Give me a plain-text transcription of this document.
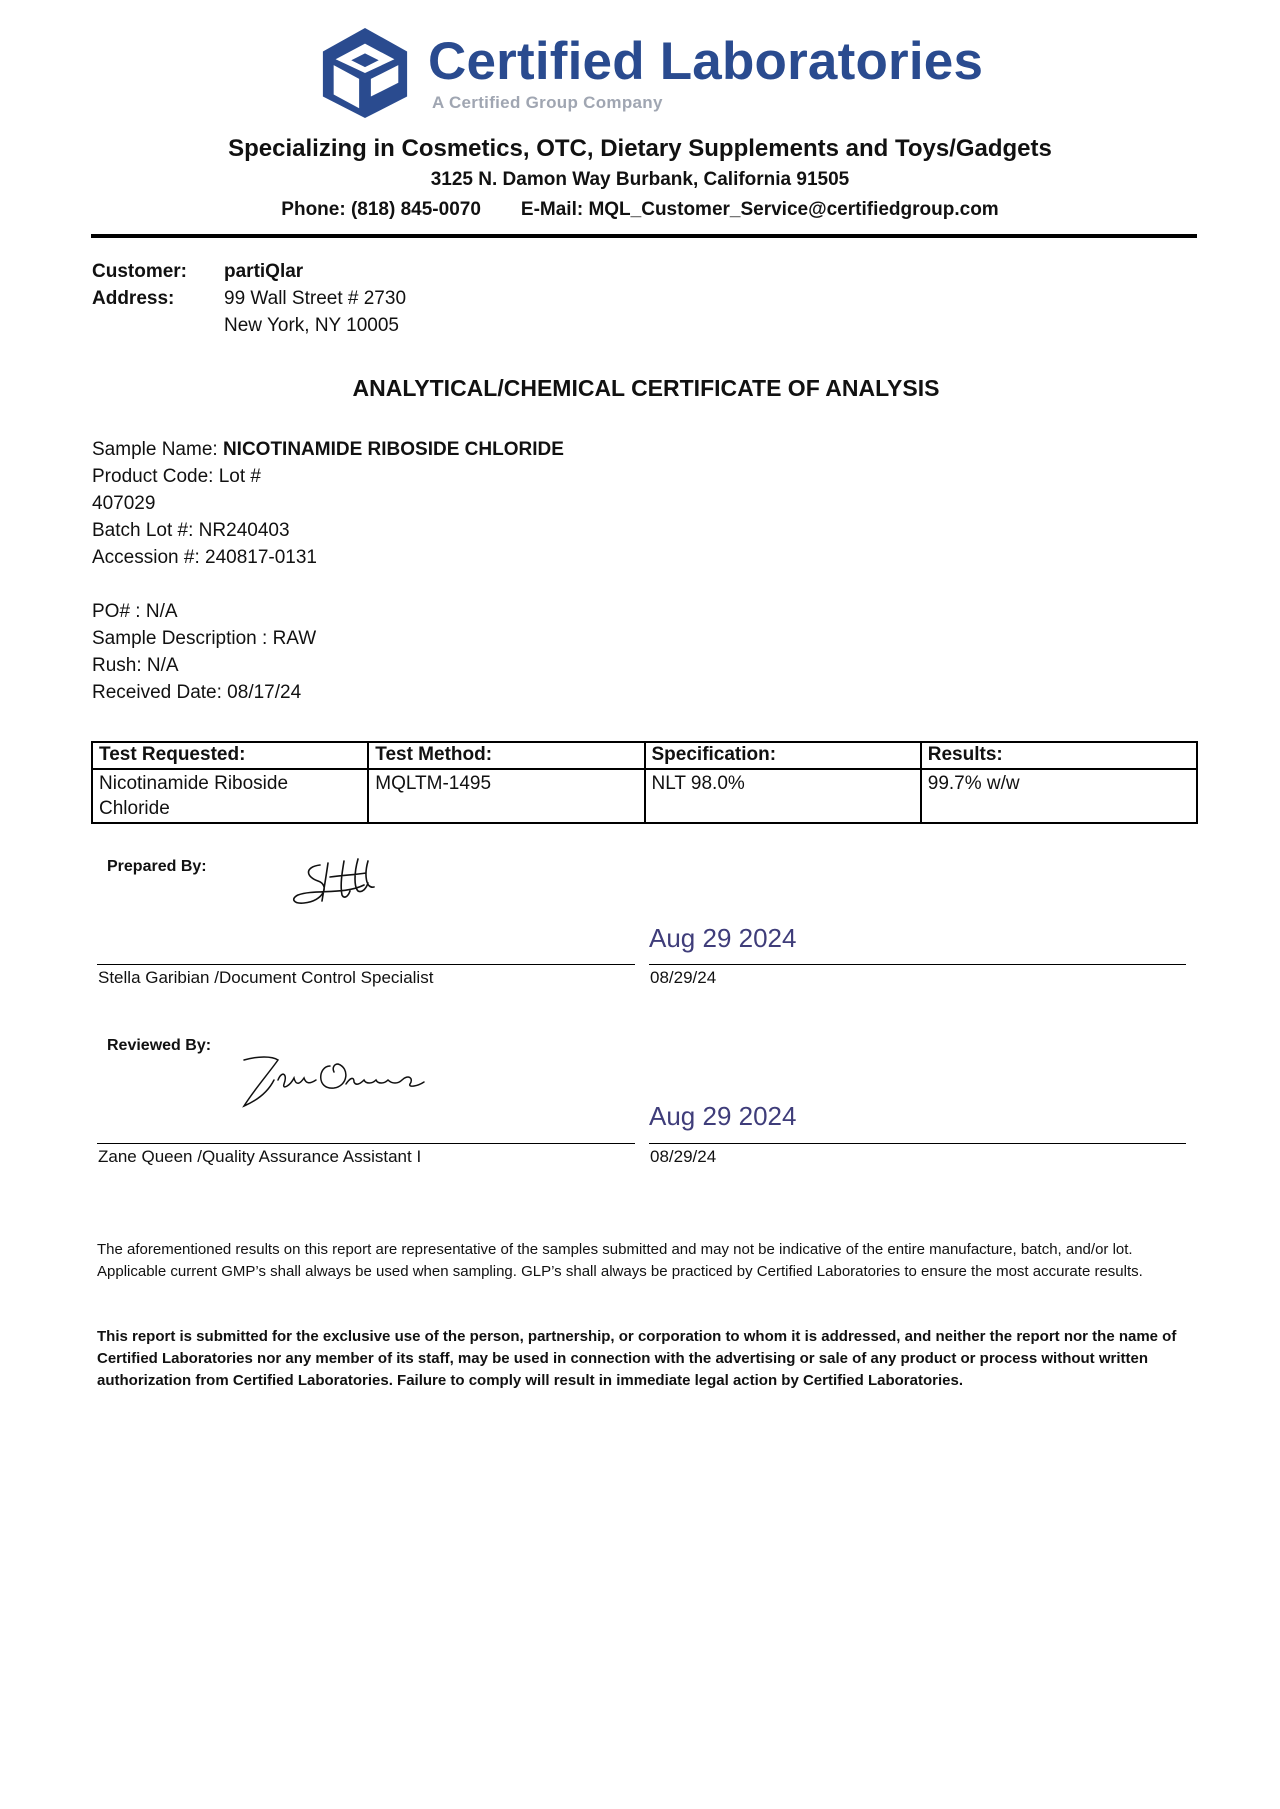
Certified Laboratories
A Certified Group Company
Specializing in Cosmetics, OTC, Dietary Supplements and Toys/Gadgets
3125 N. Damon Way Burbank, California 91505
Phone: (818) 845-0070 E-Mail: MQL_Customer_Service@certifiedgroup.com
Customer: partiQlar
Address:	99 Wall Street # 2730
New York, NY 10005
ANALYTICAL/CHEMICAL CERTIFICATE OF ANALYSIS
Sample Name: NICOTINAMIDE RIBOSIDE CHLORIDE
Product Code: Lot #
407029
Batch Lot #: NR240403
Accession #: 240817-0131
PO# : N/A
Sample Description : RAW
Rush: N/A
Received Date: 08/17/24
Test Requested:	Test Method:	Specification:	Results:
Nicotinamide Riboside Chloride	MQLTM-1495	NLT 98.0%	99.7% w/w
Prepared By:
Aug 29 2024
Stella Garibian /Document Control Specialist	08/29/24
Reviewed By:
Aug 29 2024
Zane Queen /Quality Assurance Assistant I	08/29/24
The aforementioned results on this report are representative of the samples submitted and may not be indicative of the entire manufacture, batch, and/or lot. Applicable current GMP’s shall always be used when sampling. GLP’s shall always be practiced by Certified Laboratories to ensure the most accurate results.
This report is submitted for the exclusive use of the person, partnership, or corporation to whom it is addressed, and neither the report nor the name of Certified Laboratories nor any member of its staff, may be used in connection with the advertising or sale of any product or process without written authorization from Certified Laboratories. Failure to comply will result in immediate legal action by Certified Laboratories.
